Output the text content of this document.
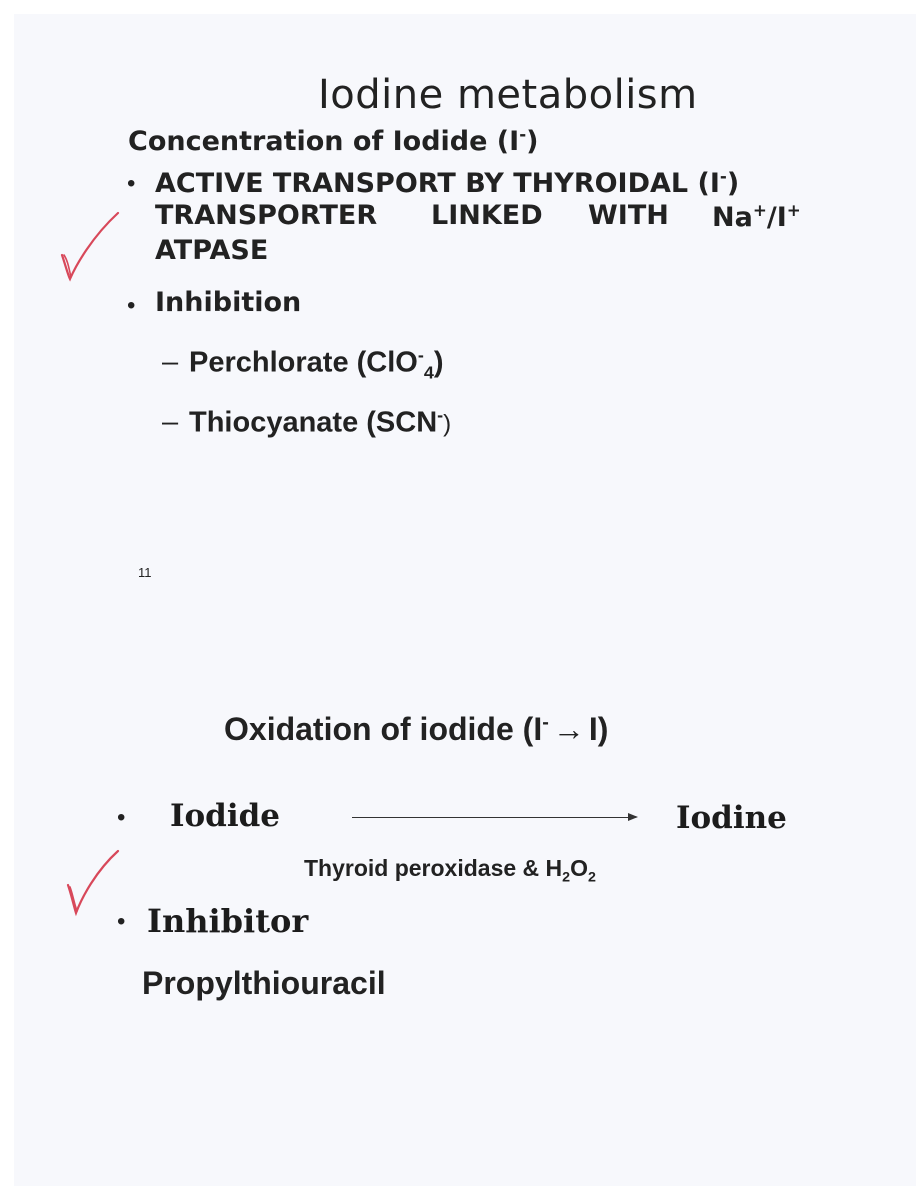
Iodine metabolism
Concentration of Iodide (I-)
• ACTIVE TRANSPORT BY THYROIDAL (I-)
TRANSPORTER LINKED WITH Na+/I+
ATPASE
• Inhibition
– Perchlorate (ClO-$_4$)
– Thiocyanate (SCN-)
11
Oxidation of iodide (I- → I)
• Iodide	Iodine
Thyroid peroxidase & $H_2O_2$
• Inhibitor
Propylthiouracil
